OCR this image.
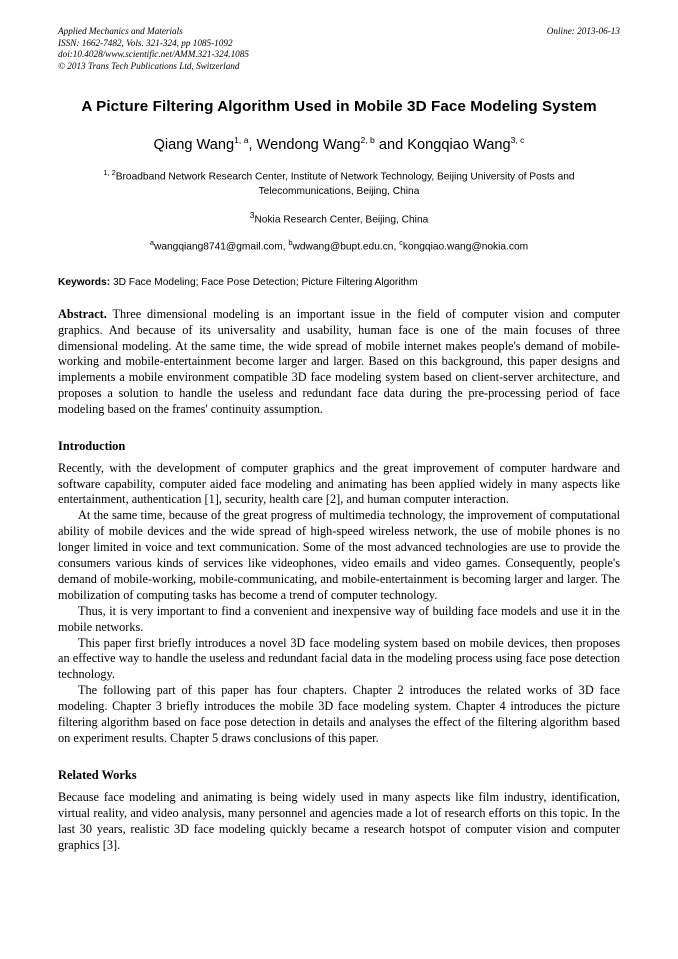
Applied Mechanics and Materials
ISSN: 1662-7482, Vols. 321-324, pp 1085-1092
doi:10.4028/www.scientific.net/AMM.321-324.1085
© 2013 Trans Tech Publications Ltd, Switzerland
Online: 2013-06-13
A Picture Filtering Algorithm Used in Mobile 3D Face Modeling System
Qiang Wang$^{1, a}$, Wendong Wang$^{2, b}$ and Kongqiao Wang$^{3, c}$
$^{1, 2}$Broadband Network Research Center, Institute of Network Technology, Beijing University of Posts and Telecommunications, Beijing, China
$^3$Nokia Research Center, Beijing, China
$^a$wangqiang8741@gmail.com, $^b$wdwang@bupt.edu.cn, $^c$kongqiao.wang@nokia.com
Keywords: 3D Face Modeling; Face Pose Detection; Picture Filtering Algorithm
Abstract. Three dimensional modeling is an important issue in the field of computer vision and computer graphics. And because of its universality and usability, human face is one of the main focuses of three dimensional modeling. At the same time, the wide spread of mobile internet makes people's demand of mobile-working and mobile-entertainment become larger and larger. Based on this background, this paper designs and implements a mobile environment compatible 3D face modeling system based on client-server architecture, and proposes a solution to handle the useless and redundant face data during the pre-processing period of face modeling based on the frames' continuity assumption.
Introduction

Recently, with the development of computer graphics and the great improvement of computer hardware and software capability, computer aided face modeling and animating has been applied widely in many aspects like entertainment, authentication [1], security, health care [2], and human computer interaction.

At the same time, because of the great progress of multimedia technology, the improvement of computational ability of mobile devices and the wide spread of high-speed wireless network, the use of mobile phones is no longer limited in voice and text communication. Some of the most advanced technologies are use to provide the consumers various kinds of services like videophones, video emails and video games. Consequently, people's demand of mobile-working, mobile-communicating, and mobile-entertainment is becoming larger and larger. The mobilization of computing tasks has become a trend of computer technology.

Thus, it is very important to find a convenient and inexpensive way of building face models and use it in the mobile networks.

This paper first briefly introduces a novel 3D face modeling system based on mobile devices, then proposes an effective way to handle the useless and redundant facial data in the modeling process using face pose detection technology.

The following part of this paper has four chapters. Chapter 2 introduces the related works of 3D face modeling. Chapter 3 briefly introduces the mobile 3D face modeling system. Chapter 4 introduces the picture filtering algorithm based on face pose detection in details and analyses the effect of the filtering algorithm based on experiment results. Chapter 5 draws conclusions of this paper.

Related Works

Because face modeling and animating is being widely used in many aspects like film industry, identification, virtual reality, and video analysis, many personnel and agencies made a lot of research efforts on this topic. In the last 30 years, realistic 3D face modeling quickly became a research hotspot of computer vision and computer graphics [3].
